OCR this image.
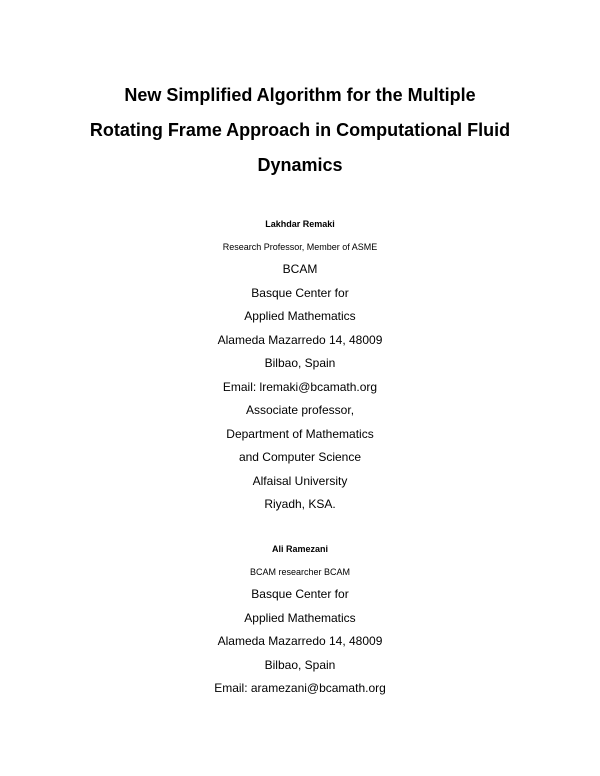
New Simplified Algorithm for the Multiple
Rotating Frame Approach in Computational Fluid
Dynamics
Lakhdar Remaki
Research Professor, Member of ASME
BCAM
Basque Center for
Applied Mathematics
Alameda Mazarredo 14, 48009
Bilbao, Spain
Email: lremaki@bcamath.org
Associate professor,
Department of Mathematics
and Computer Science
Alfaisal University
Riyadh, KSA.
Ali Ramezani
BCAM researcher BCAM
Basque Center for
Applied Mathematics
Alameda Mazarredo 14, 48009
Bilbao, Spain
Email: aramezani@bcamath.org
